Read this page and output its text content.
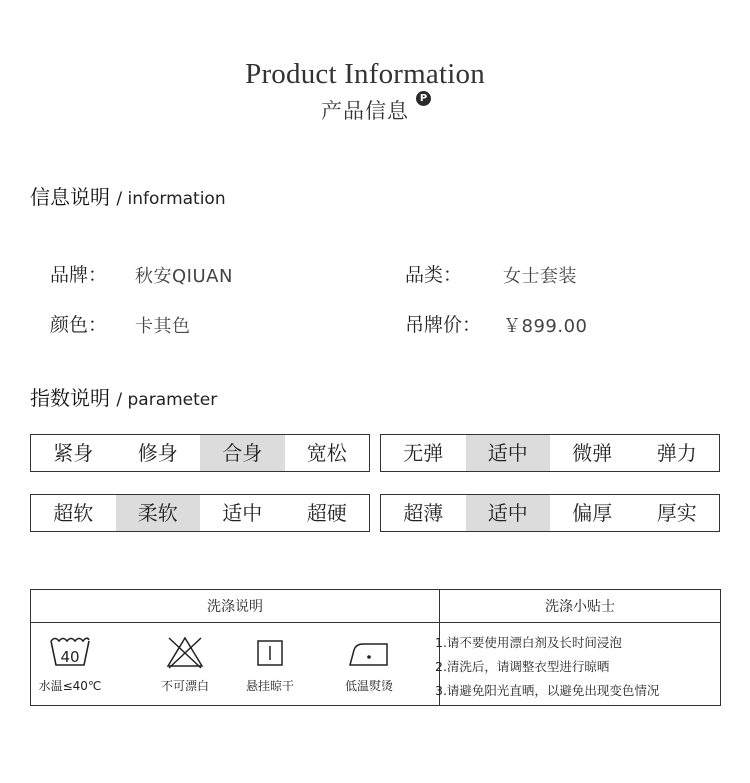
Product Information
产品信息
P
信息说明 / information
品牌： 秋安QIUAN	品类： 女士套装
颜色： 卡其色	吊牌价： ￥899.00
指数说明 / parameter
紧身	修身	合身	宽松	无弹	适中	微弹	弹力
超软	柔软	适中	超硬	超薄	适中	偏厚	厚实
洗涤说明	洗涤小贴士
40
水温≤40℃	不可漂白	悬挂晾干	低温熨烫
1.请不要使用漂白剂及长时间浸泡
2.清洗后，请调整衣型进行晾晒
3.请避免阳光直晒，以避免出现变色情况
